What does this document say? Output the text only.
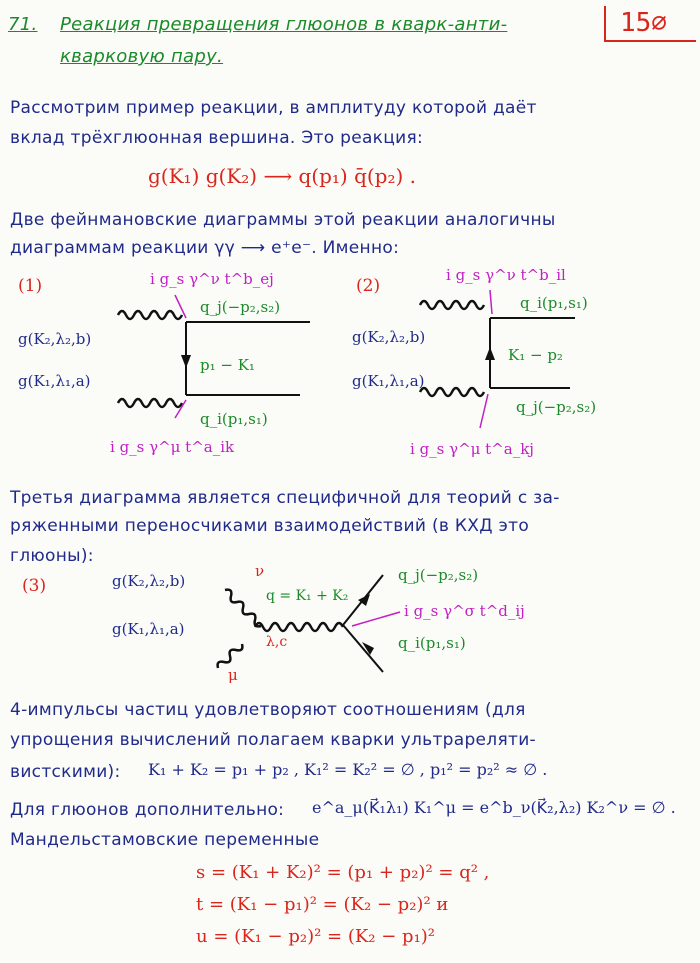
71. Реакция превращения глюонов в кварк-анти-
кварковую пару.
15∅
Рассмотрим пример реакции, в амплитуду которой даёт
вклад трёхглюонная вершина. Это реакция:
g(K₁) g(K₂) ⟶ q(p₁) q̄(p₂) .
Две фейнмановские диаграммы этой реакции аналогичны
диаграммам реакции γγ ⟶ e⁺e⁻. Именно:
(1)	i g_s γ^ν t^b_ej
q_j(−p₂,s₂)
g(K₂,λ₂,b)
p₁ − K₁
g(K₁,λ₁,a)
q_i(p₁,s₁)
i g_s γ^μ t^a_ik
(2)
i g_s γ^ν t^b_il
q_i(p₁,s₁)
g(K₂,λ₂,b)
K₁ − p₂
g(K₁,λ₁,a)
q_j(−p₂,s₂)
i g_s γ^μ t^a_kj
Третья диаграмма является специфичной для теорий с за-
ряженными переносчиками взаимодействий (в КХД это
глюоны):
(3)	g(K₂,λ₂,b)
ν
g(K₁,λ₁,a)
μ
q = K₁ + K₂
λ,c
q_j(−p₂,s₂)
i g_s γ^σ t^d_ij
q_i(p₁,s₁)
4-импульсы частиц удовлетворяют соотношениям (для
упрощения вычислений полагаем кварки ультрареляти-
вистскими): K₁ + K₂ = p₁ + p₂ , K₁² = K₂² = ∅ , p₁² = p₂² ≈ ∅ .
Для глюонов дополнительно: e^a_μ(K⃗₁λ₁) K₁^μ = e^b_ν(K⃗₂,λ₂) K₂^ν = ∅ .
Мандельстамовские переменные
s = (K₁ + K₂)² = (p₁ + p₂)² = q² ,
t = (K₁ − p₁)² = (K₂ − p₂)² и
u = (K₁ − p₂)² = (K₂ − p₁)²
